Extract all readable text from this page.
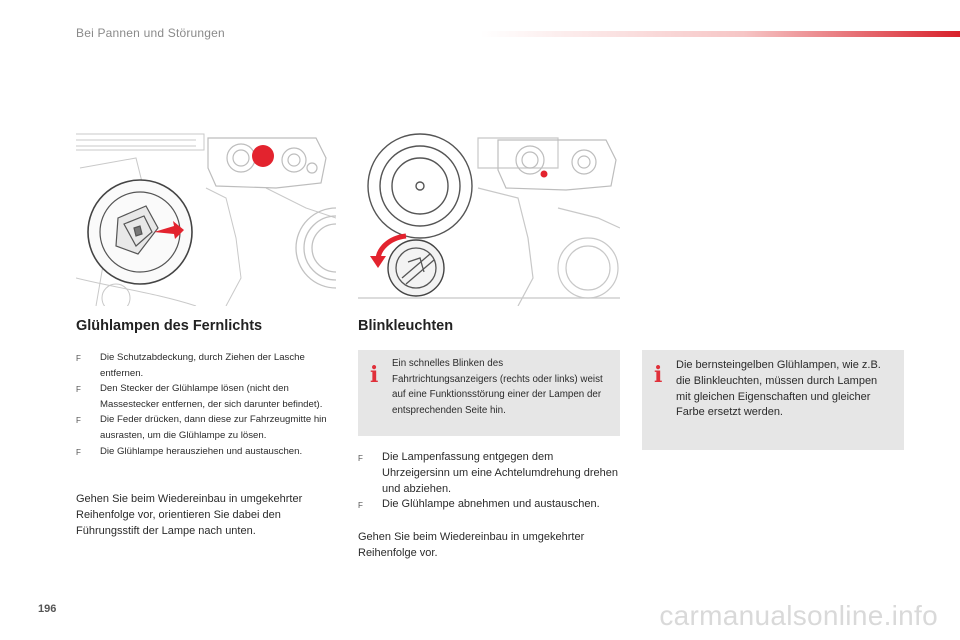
Bei Pannen und Störungen
Glühlampen des Fernlichts
F Die Schutzabdeckung, durch Ziehen der Lasche entfernen.
F Den Stecker der Glühlampe lösen (nicht den Massestecker entfernen, der sich darunter befindet).
F Die Feder drücken, dann diese zur Fahrzeugmitte hin ausrasten, um die Glühlampe zu lösen.
F Die Glühlampe herausziehen und austauschen.

Gehen Sie beim Wiedereinbau in umgekehrter Reihenfolge vor, orientieren Sie dabei den Führungsstift der Lampe nach unten.

Blinkleuchten
i Ein schnelles Blinken des Fahrtrichtungsanzeigers (rechts oder links) weist auf eine Funktionsstörung einer der Lampen der entsprechenden Seite hin.
F Die Lampenfassung entgegen dem Uhrzeigersinn um eine Achtelumdrehung drehen und abziehen.
F Die Glühlampe abnehmen und austauschen.

Gehen Sie beim Wiedereinbau in umgekehrter Reihenfolge vor.

i Die bernsteingelben Glühlampen, wie z.B. die Blinkleuchten, müssen durch Lampen mit gleichen Eigenschaften und gleicher Farbe ersetzt werden.
196	carmanualsonline.info
